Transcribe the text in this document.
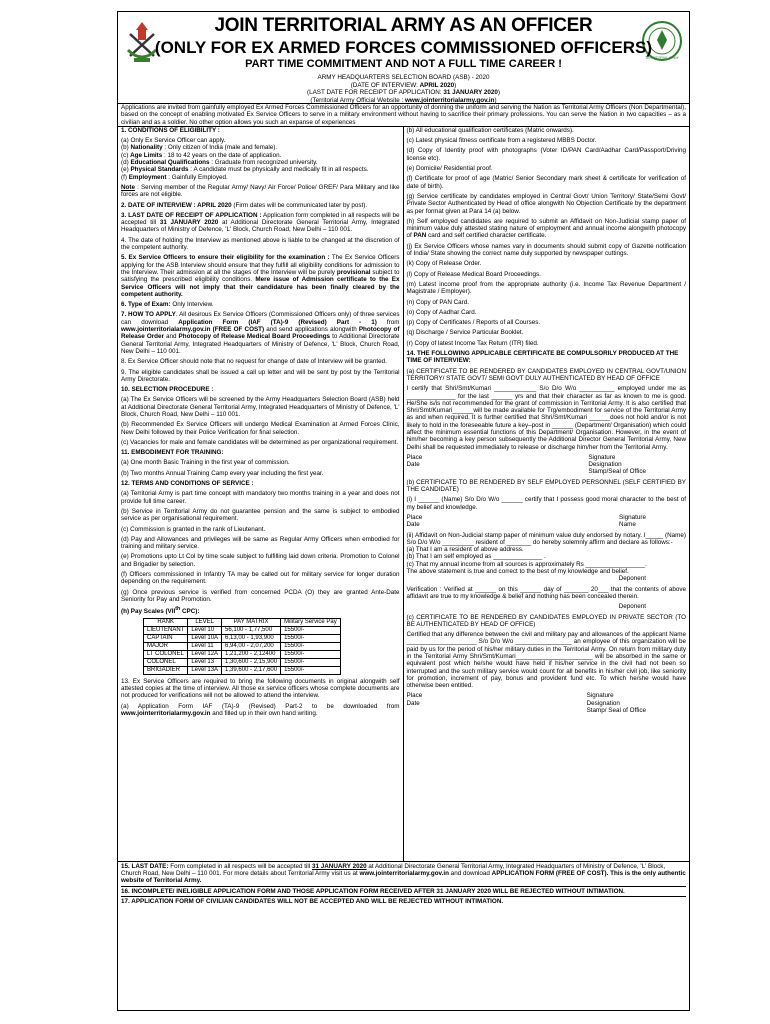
TERRITORIAL ARMY
JOIN TERRITORIAL ARMY AS AN OFFICER
(ONLY FOR EX ARMED FORCES COMMISSIONED OFFICERS)
PART TIME COMMITMENT AND NOT A FULL TIME CAREER !
ARMY HEADQUARTERS SELECTION BOARD (ASB) - 2020
(DATE OF INTERVIEW: APRIL 2020)
(LAST DATE FOR RECEIPT OF APPLICATION: 31 JANUARY 2020)
(Territorial Army Official Website : www.jointerritorialarmy.gov.in)
Applications are invited from gainfully employed Ex Armed Forces Commissioned Officers for an opportunity of donning the uniform and serving the Nation as Territorial Army Officers (Non Departmental), based on the concept of enabling motivated Ex Service Officers to serve in a military environment without having to sacrifice their primary professions. You can serve the Nation in two capacities – as a civilian and as a soldier. No other option allows you such an expanse of experiences
1. CONDITIONS OF ELIGIBILITY :

(a) Only Ex Service Officer can apply.

(b) Nationality : Only citizen of India (male and female).

(c) Age Limits : 18 to 42 years on the date of application.

(d) Educational Qualifications : Graduate from recognized university.

(e) Physical Standards : A candidate must be physically and medically fit in all respects.

(f) Employment : Gainfully Employed.

Note : Serving member of the Regular Army/ Navy/ Air Force/ Police/ GREF/ Para Military and like forces are not eligible.

2. DATE OF INTERVIEW : APRIL 2020 (Firm dates will be communicated later by post).

3. LAST DATE OF RECEIPT OF APPLICATION : Application form completed in all respects will be accepted till 31 JANUARY 2020 at Additional Directorate General Territorial Army, Integrated Headquarters of Ministry of Defence, 'L' Block, Church Road, New Delhi – 110 001.

4. The date of holding the Interview as mentioned above is liable to be changed at the discretion of the competent authority.

5. Ex Service Officers to ensure their eligibility for the examination : The Ex Service Officers applying for the ASB Interview should ensure that they fulfill all eligibility conditions for admission to the Interview. Their admission at all the stages of the Interview will be purely provisional subject to satisfying the prescribed eligibility conditions. Mere issue of Admission certificate to the Ex Service Officers will not imply that their candidature has been finally cleared by the competent authority.

6. Type of Exam: Only Interview.

7. HOW TO APPLY. All desirous Ex Service Officers (Commissioned Officers only) of three services can download Application Form (IAF (TA)-9 (Revised) Part - 1) from www.jointerritorialarmy.gov.in (FREE OF COST) and send applications alongwith Photocopy of Release Order and Photocopy of Release Medical Board Proceedings to Additional Directorate General Territorial Army, Integrated Headquarters of Ministry of Defence, 'L' Block, Church Road, New Delhi – 110 001.

8. Ex Service Officer should note that no request for change of date of Interview will be granted.

9. The eligible candidates shall be issued a call up letter and will be sent by post by the Territorial Army Directorate.

10. SELECTION PROCEDURE :

(a) The Ex Service Officers will be screened by the Army Headquarters Selection Board (ASB) held at Additional Directorate General Territorial Army, Integrated Headquarters of Ministry of Defence, 'L' Block, Church Road, New Delhi – 110 001.

(b) Recommended Ex Service Officers will undergo Medical Examination at Armed Forces Clinic, New Delhi followed by their Police Verification for final selection.

(c) Vacancies for male and female candidates will be determined as per organizational requirement.

11. EMBODIMENT FOR TRAINING:

(a) One month Basic Training in the first year of commission.

(b) Two months Annual Training Camp every year including the first year.

12. TERMS AND CONDITIONS OF SERVICE :

(a) Territorial Army is part time concept with mandatory two months training in a year and does not provide full time career.

(b) Service in Territorial Army do not guarantee pension and the same is subject to embodied service as per organisational requirement.

(c) Commission is granted in the rank of Lieutenant.

(d) Pay and Allowances and privileges will be same as Regular Army Officers when embodied for training and military service.

(e) Promotions upto Lt Col by time scale subject to fulfilling laid down criteria. Promotion to Colonel and Brigadier by selection.

(f) Officers commissioned in Infantry TA may be called out for military service for longer duration depending on the requirement.

(g) Once previous service is verified from concerned PCDA (O) they are granted Ante-Date Seniority for Pay and Promotion.

(h) Pay Scales (VIIth CPC):

RANK	LEVEL	PAY MATRIX	Military Service Pay
LIEUTENANT	Level 10	56,100 - 1,77,500	15500/-
CAPTAIN	Level 10A	6,13,00 - 1,93,900	15500/-
MAJOR	Level 11	6,94,00 - 2,07,200	15500/-
LT COLONEL	Level 12A	1,21,200 - 2,12400	15500/-
COLONEL	Level 13	1,30,600 - 2,15,900	15500/-
BRIGADIER	Level 13A	1,39,600 - 2,17,600	15500/-

13. Ex Service Officers are required to bring the following documents in original alongwith self attested copies at the time of interview. All those ex service officers whose complete documents are not produced for verifications will not be allowed to attend the interview.

(a) Application Form IAF (TA)-9 (Revised) Part-2 to be downloaded from www.jointerritorialarmy.gov.in and filled up in their own hand writing.

(b) All educational qualification certificates (Matric onwards).

(c) Latest physical fitness certificate from a registered MBBS Doctor.

(d) Copy of Identity proof with photographs (Voter ID/PAN Card/Aadhar Card/Passport/Driving license etc).

(e) Domicile/ Residential proof.

(f) Certificate for proof of age (Matric/ Senior Secondary mark sheet & certificate for verification of date of birth).

(g) Service certificate by candidates employed in Central Govt/ Union Territory/ State/Semi Govt/ Private Sector Authenticated by Head of office alongwith No Objection Certificate by the department as per format given at Para 14 (a) below.

(h) Self employed candidates are required to submit an Affidavit on Non-Judicial stamp paper of minimum value duly attested stating nature of employment and annual income alongwith photocopy of PAN card and self certified character certificate.

(j) Ex Service Officers whose names vary in documents should submit copy of Gazette notification of India/ State showing the correct name duly supported by newspaper cuttings.

(k) Copy of Release Order.

(l) Copy of Release Medical Board Proceedings.

(m) Latest income proof from the appropriate authority (i.e. Income Tax Revenue Department / Magistrate / Employer).

(n) Copy of PAN Card.

(o) Copy of Aadhar Card.

(p) Copy of Certificates / Reports of all Courses.

(q) Discharge / Service Particular Booklet.

(r) Copy of latest Income Tax Return (ITR) filed.

14. THE FOLLOWING APPLICABLE CERTIFICATE BE COMPULSORILY PRODUCED AT THE TIME OF INTERVIEW:

(a) CERTIFICATE TO BE RENDERED BY CANDIDATES EMPLOYED IN CENTRAL GOVT/UNION TERRITORY/ STATE GOVT/ SEMI GOVT DULY AUTHENTICATED BY HEAD OF OFFICE

I certify that Shri/Smt/Kumari ____________ S/o D/o W/o __________ employed under me as ______________ for the last ______ yrs and that their character as far as known to me is good. He/She is/is not recommended for the grant of commission in Territorial Army. It is also certified that Shri/Smt/Kumari______will be made available for Trg/embodiment for service of the Territorial Army as and when required. It is further certified that Shri/Smt/Kumari ______does not hold and/or is not likely to hold in the foreseeable future a key–post in ______ (Department/ Organisation) which could affect the minimum essential functions of this Department/ Organisation. However, in the event of him/her becoming a key person subsequently the Additional Director General Territorial Army, New Delhi shall be requested immediately to release or discharge him/her from the Territorial Army.

Place
Date
Signature
Designation
Stamp/Seal of Office

(b) CERTIFICATE TO BE RENDERED BY SELF EMPLOYED PERSONNEL (SELF CERTIFIED BY THE CANDIDATE)

(i) I ______ (Name) S/o D/o W/o ______ certify that I possess good moral character to the best of my belief and knowledge.

Place
Date
Signature
Name

(ii) Affidavit on Non-Judicial stamp paper of minimum value duly endorsed by notary. I_____ (Name) S/o D/o W/o _________ resident of _______ do hereby solemnly affirm and declare as follows:-

(a) That I am a resident of above address.

(b) That I am self employed as ______________ .

(c) That my annual income from all sources is approximately Rs _________________.

The above statement is true and correct to the best of my knowledge and belief.

Deponent

Verification : Verified at ______ on this ______ day of _______ 20___ that the contents of above affidavit are true to my knowledge & belief and nothing has been concealed therein.

Deponent

(c) CERTIFICATE TO BE RENDERED BY CANDIDATES EMPLOYED IN PRIVATE SECTOR (TO BE AUTHENTICATED BY HEAD OF OFFICE)

Certified that any difference between the civil and military pay and allowances of the applicant Name ____________________ S/o D/o W/o ________________ an employee of this organization will be paid by us for the period of his/her military duties in the Territorial Army. On return from military duty in the Territorial Army Shri/Smt/Kumari______________________ will be absorbed in the same or equivalent post which he/she would have held if his/her service in the civil had not been so interrupted and the such military service would count for all benefits in his/her civil job, like seniority for promotion, increment of pay, bonus and provident fund etc. To which he/she would have otherwise been entitled.

Place
Date
Signature
Designation
Stamp/ Seal of Office
15. LAST DATE: Form completed in all respects will be accepted till 31 JANUARY 2020 at Additional Directorate General Territorial Army, Integrated Headquarters of Ministry of Defence, 'L' Block, Church Road, New Delhi – 110 001. For more details about Territorial Army visit us at www.jointerritorialarmy.gov.in and download APPLICATION FORM (FREE OF COST). This is the only authentic website of Territorial Army.
16. INCOMPLETE/ INELIGIBLE APPLICATION FORM AND THOSE APPLICATION FORM RECEIVED AFTER 31 JANUARY 2020 WILL BE REJECTED WITHOUT INTIMATION.
17. APPLICATION FORM OF CIVILIAN CANDIDATES WILL NOT BE ACCEPTED AND WILL BE REJECTED WITHOUT INTIMATION.
